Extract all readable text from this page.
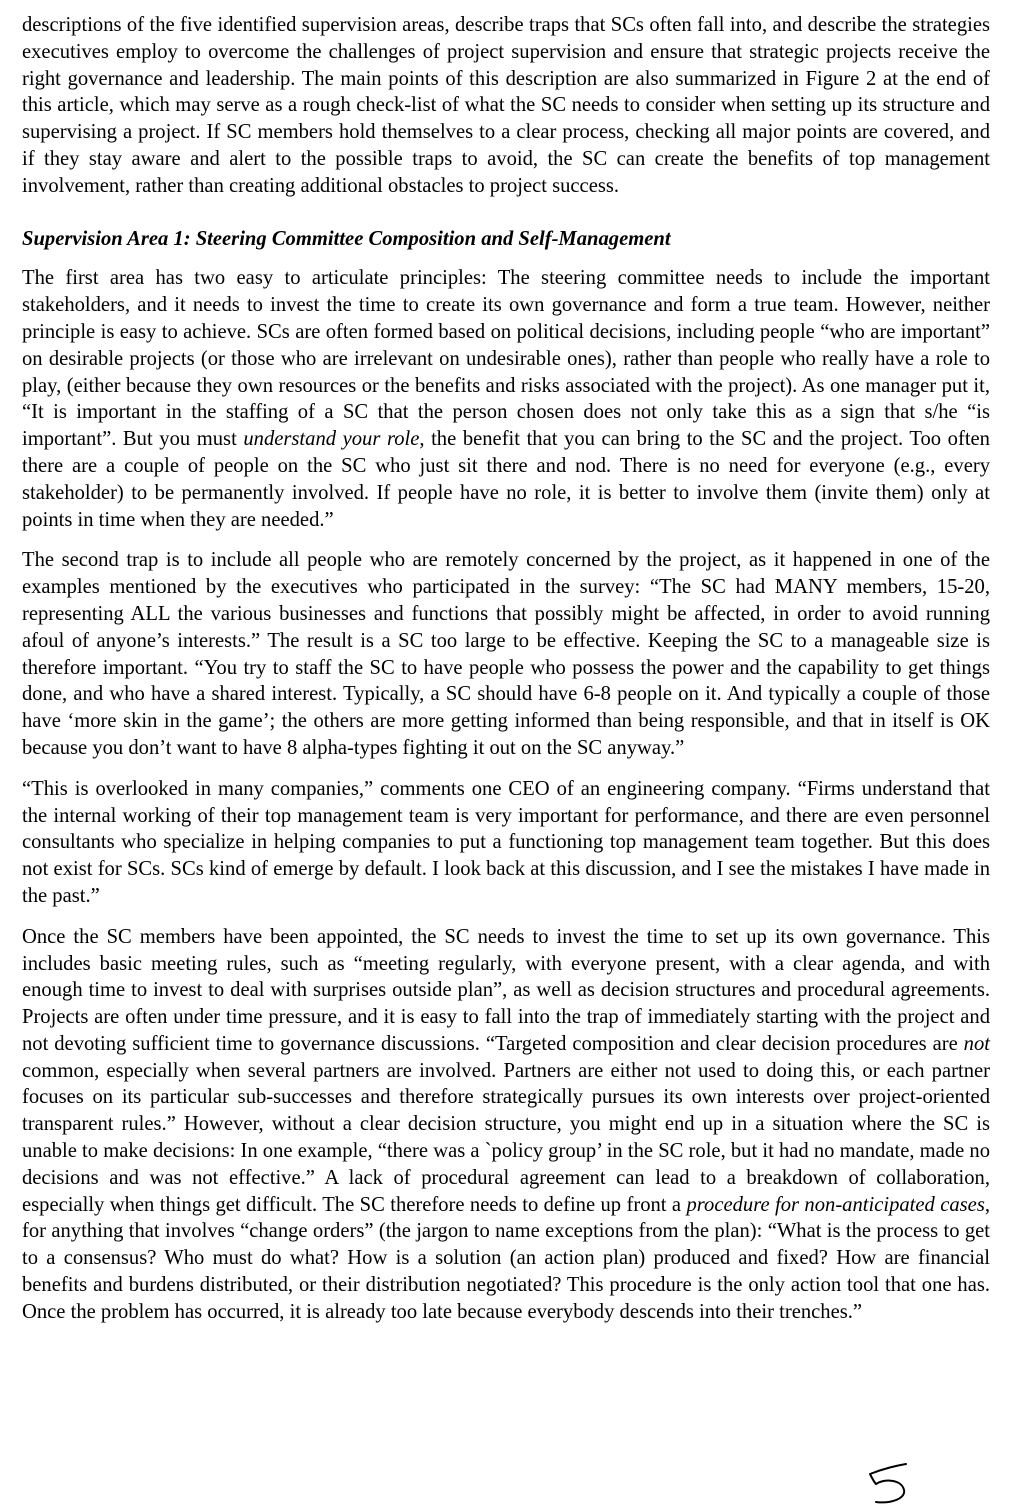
descriptions of the five identified supervision areas, describe traps that SCs often fall into, and describe the strategies executives employ to overcome the challenges of project supervision and ensure that strategic projects receive the right governance and leadership. The main points of this description are also summarized in Figure 2 at the end of this article, which may serve as a rough check-list of what the SC needs to consider when setting up its structure and supervising a project. If SC members hold themselves to a clear process, checking all major points are covered, and if they stay aware and alert to the possible traps to avoid, the SC can create the benefits of top management involvement, rather than creating additional obstacles to project success.

Supervision Area 1: Steering Committee Composition and Self-Management

The first area has two easy to articulate principles: The steering committee needs to include the important stakeholders, and it needs to invest the time to create its own governance and form a true team. However, neither principle is easy to achieve. SCs are often formed based on political decisions, including people “who are important” on desirable projects (or those who are irrelevant on undesirable ones), rather than people who really have a role to play, (either because they own resources or the benefits and risks associated with the project). As one manager put it, “It is important in the staffing of a SC that the person chosen does not only take this as a sign that s/he “is important”. But you must understand your role, the benefit that you can bring to the SC and the project. Too often there are a couple of people on the SC who just sit there and nod. There is no need for everyone (e.g., every stakeholder) to be permanently involved. If people have no role, it is better to involve them (invite them) only at points in time when they are needed.”

The second trap is to include all people who are remotely concerned by the project, as it happened in one of the examples mentioned by the executives who participated in the survey: “The SC had MANY members, 15-20, representing ALL the various businesses and functions that possibly might be affected, in order to avoid running afoul of anyone’s interests.” The result is a SC too large to be effective. Keeping the SC to a manageable size is therefore important. “You try to staff the SC to have people who possess the power and the capability to get things done, and who have a shared interest. Typically, a SC should have 6-8 people on it. And typically a couple of those have ‘more skin in the game’; the others are more getting informed than being responsible, and that in itself is OK because you don’t want to have 8 alpha-types fighting it out on the SC anyway.”

“This is overlooked in many companies,” comments one CEO of an engineering company. “Firms understand that the internal working of their top management team is very important for performance, and there are even personnel consultants who specialize in helping companies to put a functioning top management team together. But this does not exist for SCs. SCs kind of emerge by default. I look back at this discussion, and I see the mistakes I have made in the past.”

Once the SC members have been appointed, the SC needs to invest the time to set up its own governance. This includes basic meeting rules, such as “meeting regularly, with everyone present, with a clear agenda, and with enough time to invest to deal with surprises outside plan”, as well as decision structures and procedural agreements. Projects are often under time pressure, and it is easy to fall into the trap of immediately starting with the project and not devoting sufficient time to governance discussions. “Targeted composition and clear decision procedures are not common, especially when several partners are involved. Partners are either not used to doing this, or each partner focuses on its particular sub-successes and therefore strategically pursues its own interests over project-oriented transparent rules.” However, without a clear decision structure, you might end up in a situation where the SC is unable to make decisions: In one example, “there was a `policy group’ in the SC role, but it had no mandate, made no decisions and was not effective.” A lack of procedural agreement can lead to a breakdown of collaboration, especially when things get difficult. The SC therefore needs to define up front a procedure for non-anticipated cases, for anything that involves “change orders” (the jargon to name exceptions from the plan): “What is the process to get to a consensus? Who must do what? How is a solution (an action plan) produced and fixed? How are financial benefits and burdens distributed, or their distribution negotiated? This procedure is the only action tool that one has. Once the problem has occurred, it is already too late because everybody descends into their trenches.”
